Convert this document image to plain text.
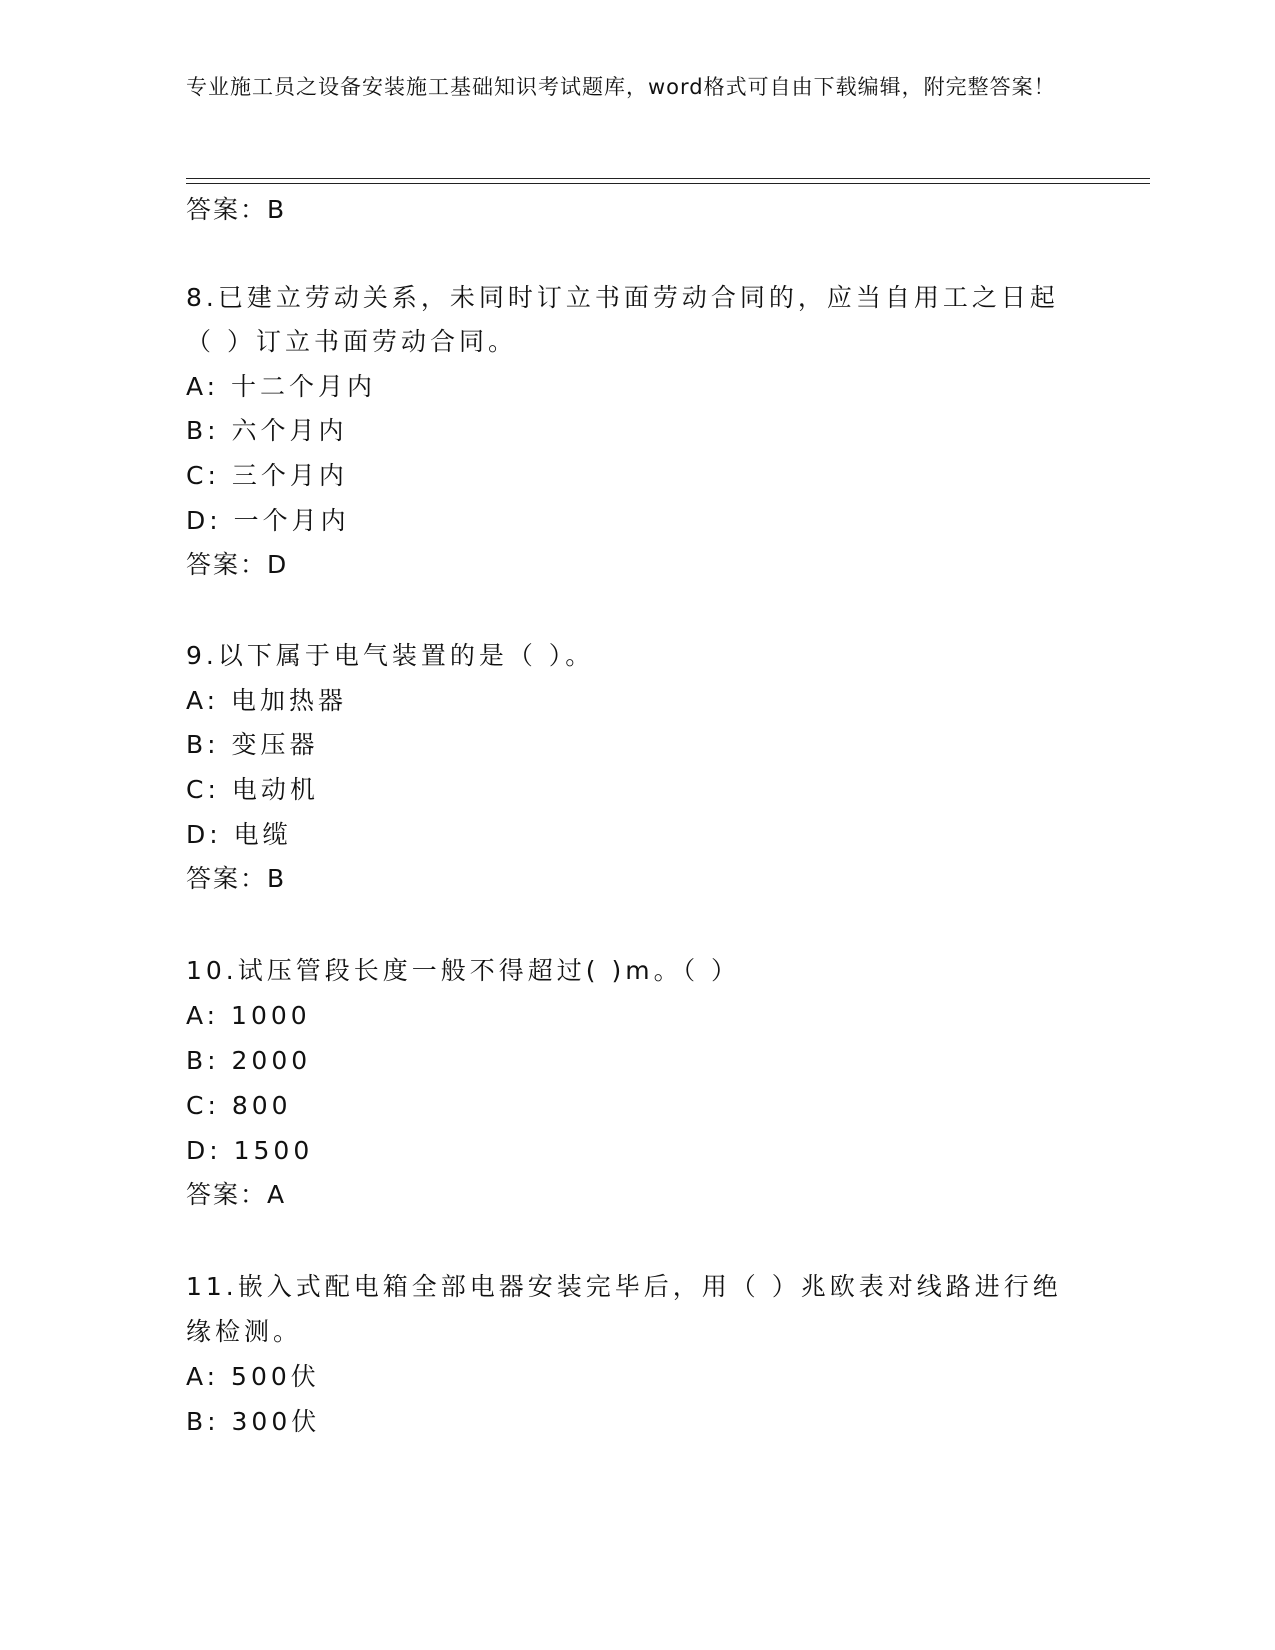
专业施工员之设备安装施工基础知识考试题库，word格式可自由下载编辑，附完整答案！
答案：B
8.已建立劳动关系，未同时订立书面劳动合同的，应当自用工之日起
（ ）订立书面劳动合同。
A: 十二个月内
B: 六个月内
C: 三个月内
D: 一个月内
答案：D
9.以下属于电气装置的是（ ）。
A: 电加热器
B: 变压器
C: 电动机
D: 电缆
答案：B
10.试压管段长度一般不得超过( )m。（ ）
A: 1000
B: 2000
C: 800
D: 1500
答案：A
11.嵌入式配电箱全部电器安装完毕后，用（ ）兆欧表对线路进行绝
缘检测。
A: 500伏
B: 300伏
